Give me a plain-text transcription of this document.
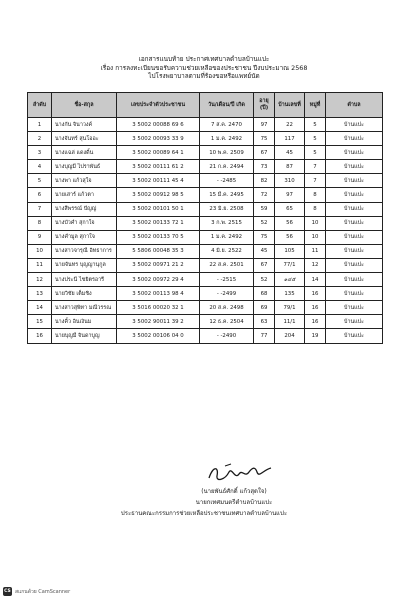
เอกสารแนบท้าย ประกาศเทศบาลตำบลบ้านแปะ
เรื่อง การลงทะเบียนขอรับความช่วยเหลือของประชาชน ปีงบประมาณ 2568
ไปโรงพยาบาลตามที่ร้องขอหรือแพทย์นัด
ลำดับ	ชื่อ-สกุล	เลขประจำตัวประชาชน	วัน/เดือน/ปี เกิด	อายุ (ปี)	บ้านเลขที่	หมู่ที่	ตำบล
1	นางกัน จินาวงค์	3 5002 00088 69 6	7 ส.ค. 2470	97	22	5	บ้านแปะ
2	นางจันทร์ สุนโออะ	3 5002 00093 33 9	1 ม.ค. 2492	75	117	5	บ้านแปะ
3	นางแฉล่ แดงดิ้น	3 5002 00089 64 1	10 พ.ค. 2509	67	45	5	บ้านแปะ
4	นางบุญมี ไปราพันธ์	3 5002 00111 61 2	21 ก.ค. 2494	73	87	7	บ้านแปะ
5	นางพา แก้วสุใจ	3 5002 00111 45 4	- -2485	82	310	7	บ้านแปะ
6	นายเสาร์ แก้วตา	3 5002 00912 98 5	15 มี.ค. 2495	72	97	8	บ้านแปะ
7	นางสีพรรณ์ ปัญญ่	3 5002 00101 50 1	23 มิ.ย. 2508	59	65	8	บ้านแปะ
8	นางบัวคำ สุกาใจ	3 5002 00133 72 1	3 ก.พ. 2515	52	56	10	บ้านแปะ
9	นางคำมูล สุกาใจ	3 5002 00133 70 5	1 ม.ค. 2492	75	56	10	บ้านแปะ
10	นางสาวจารุณี อิทธาการ	5 5806 00048 35 3	4 มิ.ย. 2522	45	105	11	บ้านแปะ
11	นายจันทร บุญญานุกูล	3 5002 00971 21 2	22 ส.ค. 2501	67	77/1	12	บ้านแปะ
12	นางประนี ไชยิตรอารี	3 5002 00972 29 4	- -2515	52	๑๔๕	14	บ้านแปะ
13	นายวิชัย เต็มชิง	3 5002 00113 98 4	- -2499	68	135	16	บ้านแปะ
14	นางสาวสุพิทา มณีวรรณ	3 5016 00020 32 1	20 ส.ค. 2498	69	79/1	16	บ้านแปะ
15	นางคิ้ว อินเงินม	3 5002 90011 39 2	12 ธ.ค. 2504	63	11/1	16	บ้านแปะ
16	นายบุญมี จินดาบูญ	3 5002 00106 04 0	- -2490	77	204	19	บ้านแปะ
(นายพันธ์ศักดิ์ แก้วสุดใจ)
นายกเทศมนตรีตำบลบ้านแปะ
ประธานคณะกรรมการช่วยเหลือประชาชนเทศบาลตำบลบ้านแปะ
CS สแกนด้วย CamScanner
